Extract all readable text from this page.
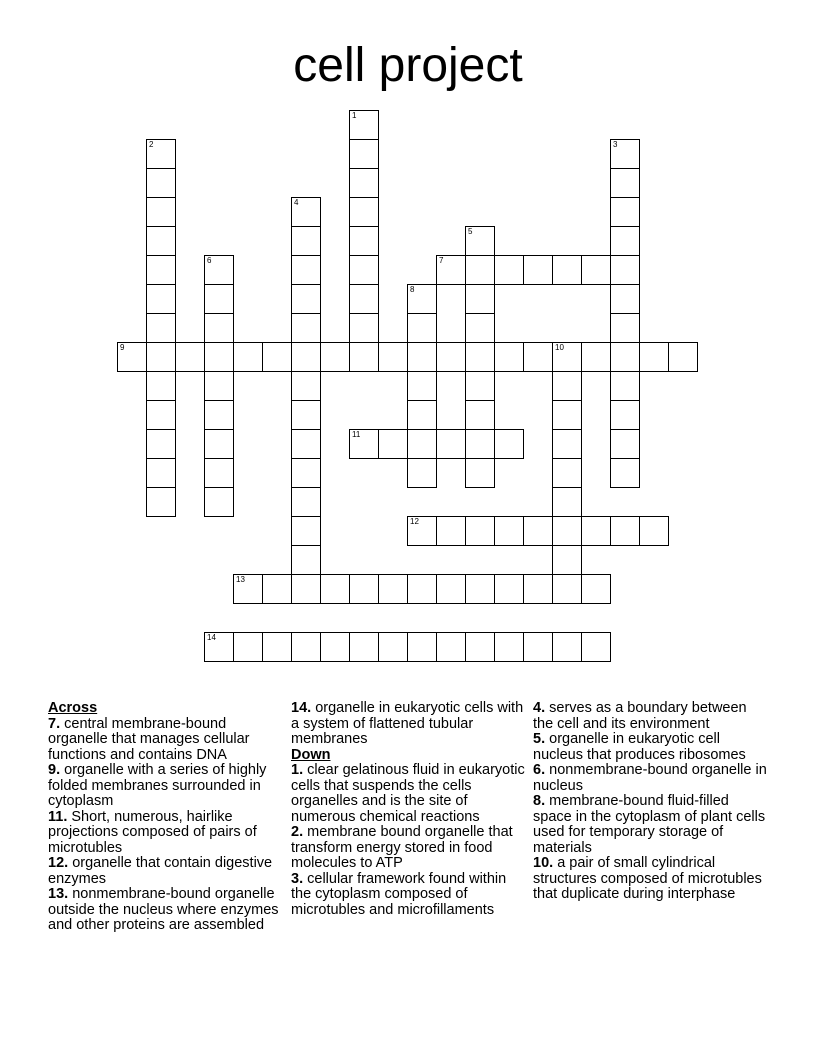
cell project
1
2	3
4
5
6	7
8
9	10
11
12
13
14
Across
7. central membrane-bound organelle that manages cellular functions and contains DNA
9. organelle with a series of highly folded membranes surrounded in cytoplasm
11. Short, numerous, hairlike projections composed of pairs of microtubles
12. organelle that contain digestive enzymes
13. nonmembrane-bound organelle outside the nucleus where enzymes and other proteins are assembled
14. organelle in eukaryotic cells with a system of flattened tubular membranes
Down
1. clear gelatinous fluid in eukaryotic cells that suspends the cells organelles and is the site of numerous chemical reactions
2. membrane bound organelle that transform energy stored in food molecules to ATP
3. cellular framework found within the cytoplasm composed of microtubles and microfillaments
4. serves as a boundary between the cell and its environment
5. organelle in eukaryotic cell nucleus that produces ribosomes
6. nonmembrane-bound organelle in nucleus
8. membrane-bound fluid-filled space in the cytoplasm of plant cells used for temporary storage of materials
10. a pair of small cylindrical structures composed of microtubles that duplicate during interphase
